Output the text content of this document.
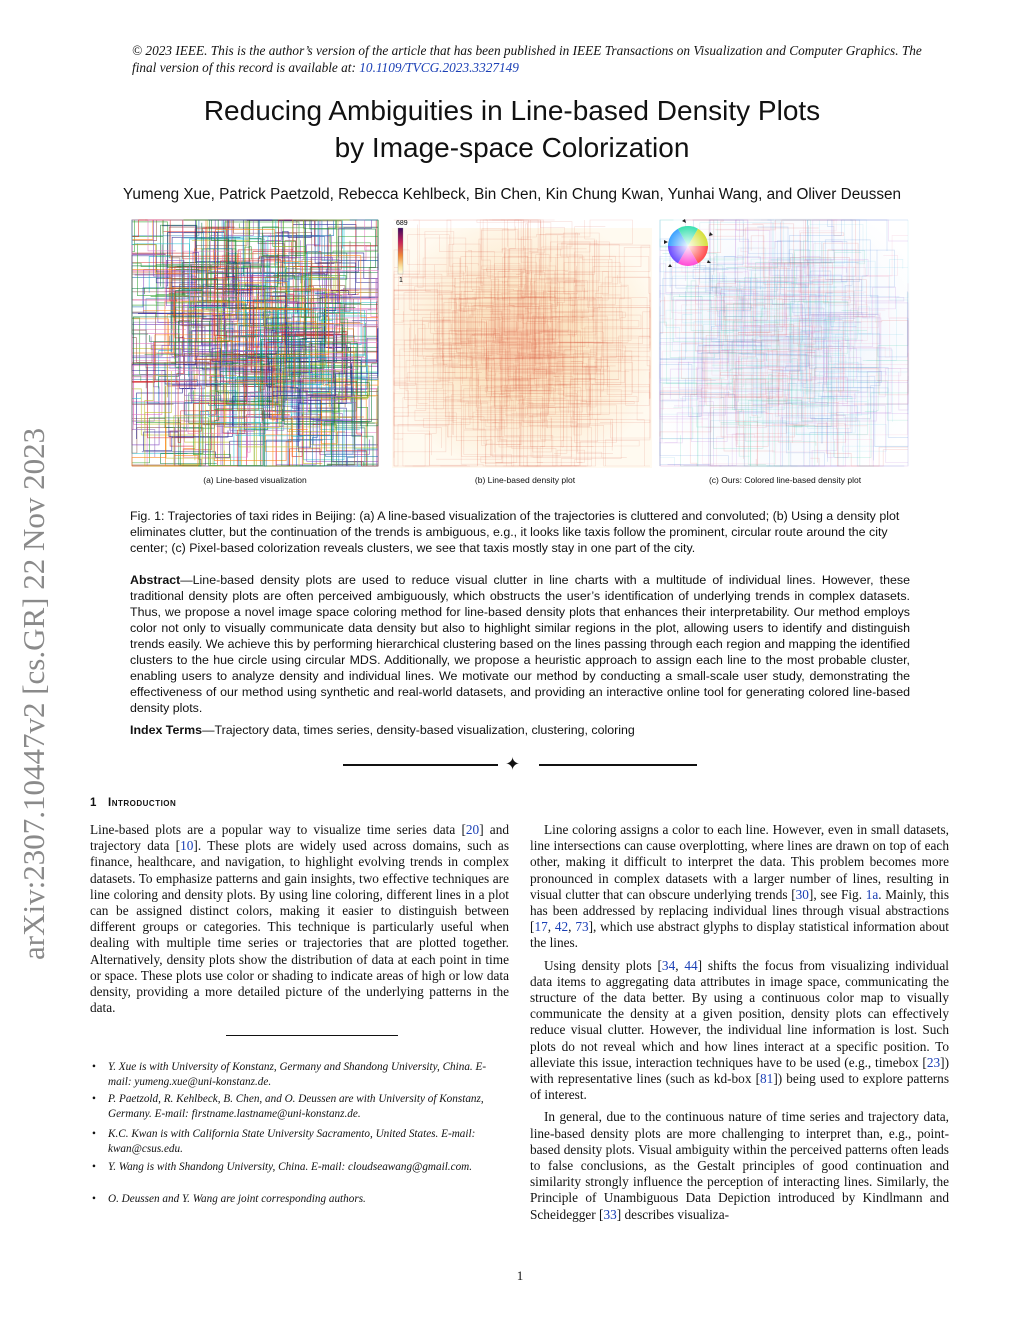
© 2023 IEEE. This is the author’s version of the article that has been published in IEEE Transactions on Visualization and Computer Graphics. The final version of this record is available at: 10.1109/TVCG.2023.3327149
Reducing Ambiguities in Line-based Density Plots
by Image-space Colorization
Yumeng Xue, Patrick Paetzold, Rebecca Kehlbeck, Bin Chen, Kin Chung Kwan, Yunhai Wang, and Oliver Deussen
arXiv:2307.10447v2 [cs.GR] 22 Nov 2023
689
1
(a) Line-based visualization	(b) Line-based density plot	(c) Ours: Colored line-based density plot
Fig. 1: Trajectories of taxi rides in Beijing: (a) A line-based visualization of the trajectories is cluttered and convoluted; (b) Using a density plot eliminates clutter, but the continuation of the trends is ambiguous, e.g., it looks like taxis follow the prominent, circular route around the city center; (c) Pixel-based colorization reveals clusters, we see that taxis mostly stay in one part of the city.
Abstract—Line-based density plots are used to reduce visual clutter in line charts with a multitude of individual lines. However, these traditional density plots are often perceived ambiguously, which obstructs the user’s identification of underlying trends in complex datasets. Thus, we propose a novel image space coloring method for line-based density plots that enhances their interpretability. Our method employs color not only to visually communicate data density but also to highlight similar regions in the plot, allowing users to identify and distinguish trends easily. We achieve this by performing hierarchical clustering based on the lines passing through each region and mapping the identified clusters to the hue circle using circular MDS. Additionally, we propose a heuristic approach to assign each line to the most probable cluster, enabling users to analyze density and individual lines. We motivate our method by conducting a small-scale user study, demonstrating the effectiveness of our method using synthetic and real-world datasets, and providing an interactive online tool for generating colored line-based density plots.
Index Terms—Trajectory data, times series, density-based visualization, clustering, coloring
✦
1 Introduction

Line-based plots are a popular way to visualize time series data [20] and trajectory data [10]. These plots are widely used across domains, such as finance, healthcare, and navigation, to highlight evolving trends in complex datasets. To emphasize patterns and gain insights, two effective techniques are line coloring and density plots. By using line coloring, different lines in a plot can be assigned distinct colors, making it easier to distinguish between different groups or categories. This technique is particularly useful when dealing with multiple time series or trajectories that are plotted together. Alternatively, density plots show the distribution of data at each point in time or space. These plots use color or shading to indicate areas of high or low data density, providing a more detailed picture of the underlying patterns in the data.

•	Y. Xue is with University of Konstanz, Germany and Shandong University, China. E-mail: yumeng.xue@uni-konstanz.de.
•	P. Paetzold, R. Kehlbeck, B. Chen, and O. Deussen are with University of Konstanz, Germany. E-mail: firstname.lastname@uni-konstanz.de.
•	K.C. Kwan is with California State University Sacramento, United States. E-mail: kwan@csus.edu.
•	Y. Wang is with Shandong University, China. E-mail: cloudseawang@gmail.com.
•	O. Deussen and Y. Wang are joint corresponding authors.

Line coloring assigns a color to each line. However, even in small datasets, line intersections can cause overplotting, where lines are drawn on top of each other, making it difficult to interpret the data. This problem becomes more pronounced in complex datasets with a larger number of lines, resulting in visual clutter that can obscure underlying trends [30], see Fig. 1a. Mainly, this has been addressed by replacing individual lines through visual abstractions [17, 42, 73], which use abstract glyphs to display statistical information about the lines.

Using density plots [34, 44] shifts the focus from visualizing individual data items to aggregating data attributes in image space, communicating the structure of the data better. By using a continuous color map to visually communicate the density at a given position, density plots can effectively reduce visual clutter. However, the individual line information is lost. Such plots do not reveal which and how lines interact at a specific position. To alleviate this issue, interaction techniques have to be used (e.g., timebox [23]) with representative lines (such as kd-box [81]) being used to explore patterns of interest.

In general, due to the continuous nature of time series and trajectory data, line-based density plots are more challenging to interpret than, e.g., point-based density plots. Visual ambiguity within the perceived patterns often leads to false conclusions, as the Gestalt principles of good continuation and similarity strongly influence the perception of interacting lines. Similarly, the Principle of Unambiguous Data Depiction introduced by Kindlmann and Scheidegger [33] describes visualiza-

1
